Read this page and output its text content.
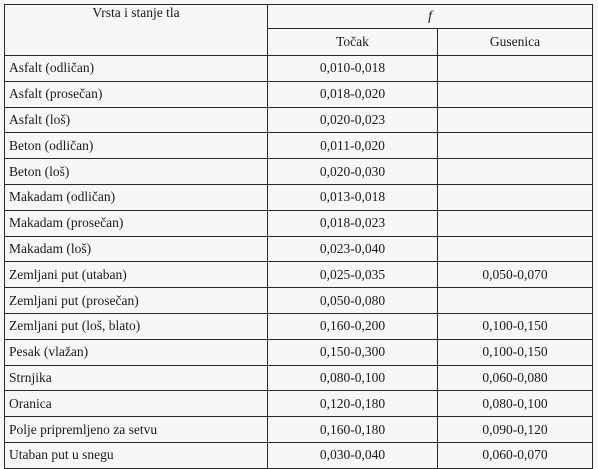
Vrsta i stanje tla	f	
	Točak	Gusenica
Asfalt (odličan)	0,010-0,018	
Asfalt (prosečan)	0,018-0,020	
Asfalt (loš)	0,020-0,023	
Beton (odličan)	0,011-0,020	
Beton (loš)	0,020-0,030	
Makadam (odličan)	0,013-0,018	
Makadam (prosečan)	0,018-0,023	
Makadam (loš)	0,023-0,040	
Zemljani put (utaban)	0,025-0,035	0,050-0,070
Zemljani put (prosečan)	0,050-0,080	
Zemljani put (loš, blato)	0,160-0,200	0,100-0,150
Pesak (vlažan)	0,150-0,300	0,100-0,150
Strnjika	0,080-0,100	0,060-0,080
Oranica	0,120-0,180	0,080-0,100
Polje pripremljeno za setvu	0,160-0,180	0,090-0,120
Utaban put u snegu	0,030-0,040	0,060-0,070
